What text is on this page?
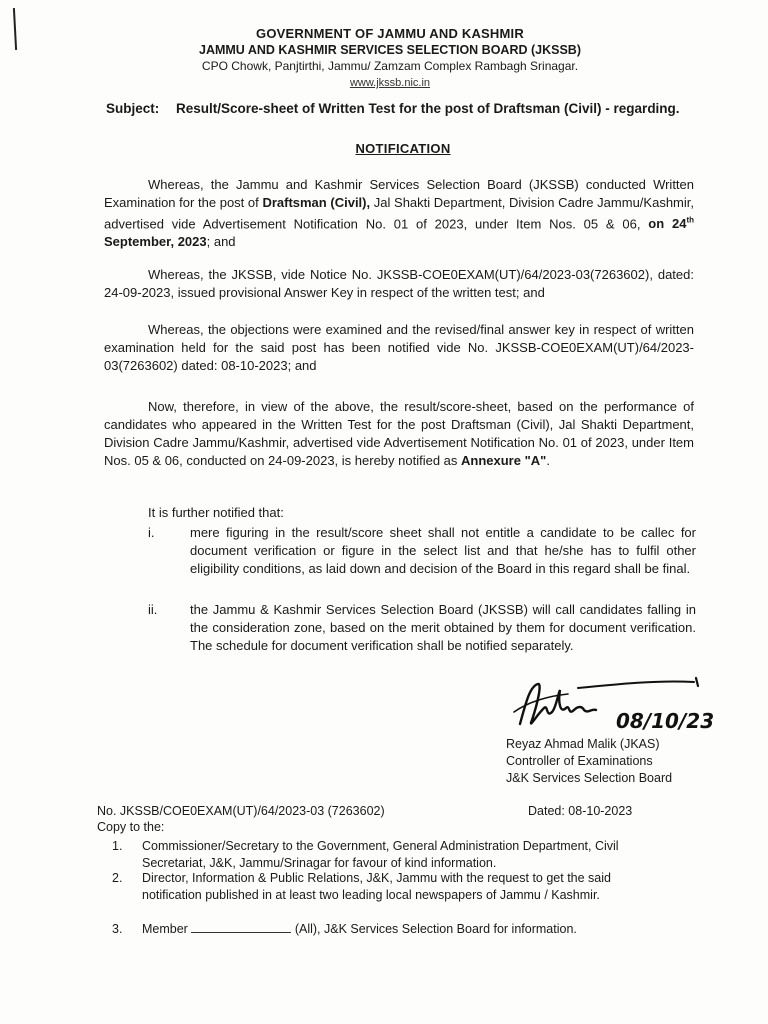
GOVERNMENT OF JAMMU AND KASHMIR
JAMMU AND KASHMIR SERVICES SELECTION BOARD (JKSSB)
CPO Chowk, Panjtirthi, Jammu/ Zamzam Complex Rambagh Srinagar.
www.jkssb.nic.in
Subject: Result/Score-sheet of Written Test for the post of Draftsman (Civil) - regarding.
NOTIFICATION
Whereas, the Jammu and Kashmir Services Selection Board (JKSSB) conducted Written Examination for the post of Draftsman (Civil), Jal Shakti Department, Division Cadre Jammu/Kashmir, advertised vide Advertisement Notification No. 01 of 2023, under Item Nos. 05 & 06, on 24th September, 2023; and
Whereas, the JKSSB, vide Notice No. JKSSB-COE0EXAM(UT)/64/2023-03(7263602), dated: 24-09-2023, issued provisional Answer Key in respect of the written test; and
Whereas, the objections were examined and the revised/final answer key in respect of written examination held for the said post has been notified vide No. JKSSB-COE0EXAM(UT)/64/2023-03(7263602) dated: 08-10-2023; and
Now, therefore, in view of the above, the result/score-sheet, based on the performance of candidates who appeared in the Written Test for the post Draftsman (Civil), Jal Shakti Department, Division Cadre Jammu/Kashmir, advertised vide Advertisement Notification No. 01 of 2023, under Item Nos. 05 & 06, conducted on 24-09-2023, is hereby notified as Annexure "A".
It is further notified that:
i.	mere figuring in the result/score sheet shall not entitle a candidate to be callec for document verification or figure in the select list and that he/she has to fulfil other eligibility conditions, as laid down and decision of the Board in this regard shall be final.
ii.	the Jammu & Kashmir Services Selection Board (JKSSB) will call candidates falling in the consideration zone, based on the merit obtained by them for document verification. The schedule for document verification shall be notified separately.
08/10/23
Reyaz Ahmad Malik (JKAS)
Controller of Examinations
J&K Services Selection Board
No. JKSSB/COE0EXAM(UT)/64/2023-03 (7263602)	Dated: 08-10-2023
Copy to the:
1. Commissioner/Secretary to the Government, General Administration Department, Civil Secretariat, J&K, Jammu/Srinagar for favour of kind information.
2. Director, Information & Public Relations, J&K, Jammu with the request to get the said notification published in at least two leading local newspapers of Jammu / Kashmir.
3. Member	(All), J&K Services Selection Board for information.
